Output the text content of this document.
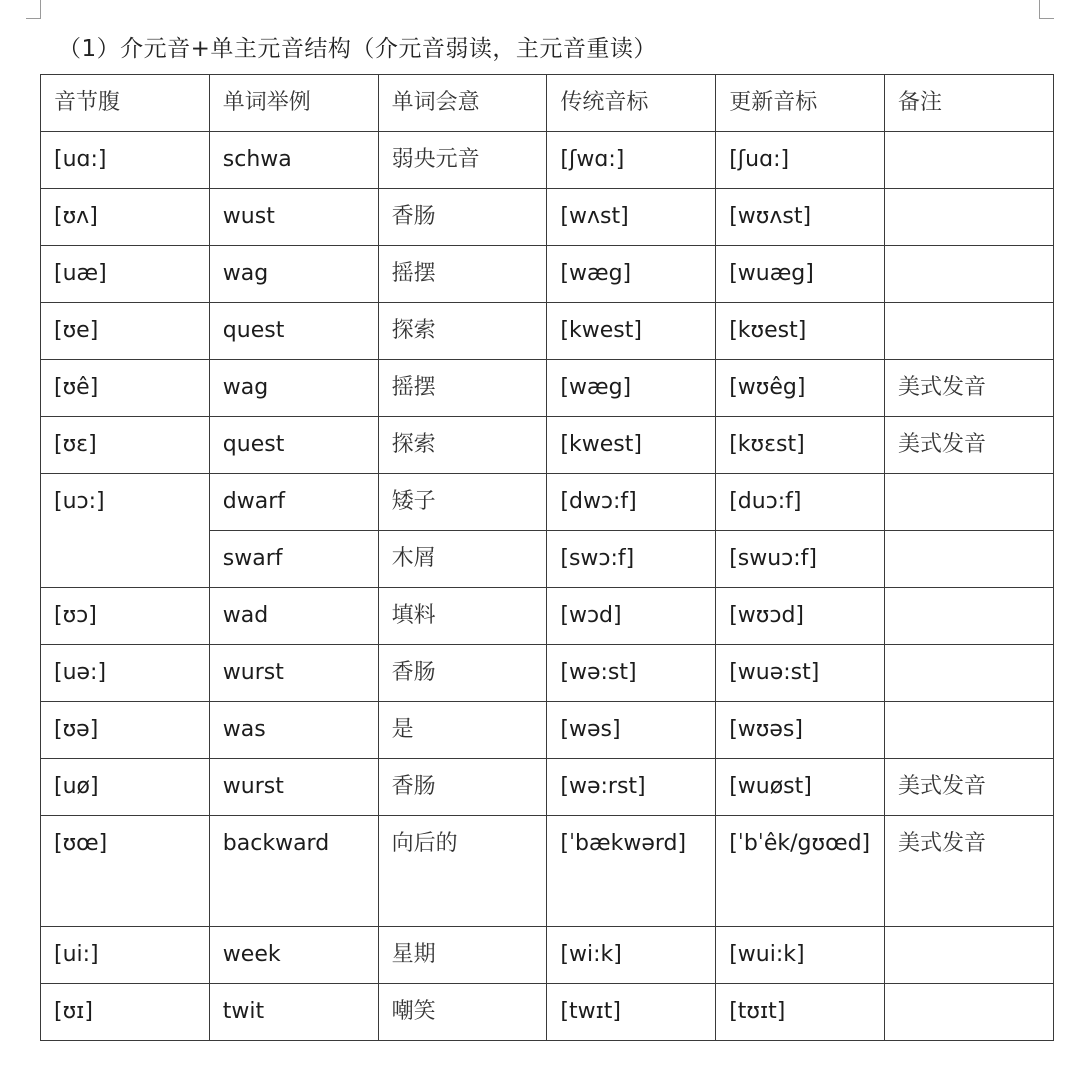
（1）介元音+单主元音结构（介元音弱读，主元音重读）
音节腹	单词举例	单词会意	传统音标	更新音标	备注
[uɑ:]	schwa	弱央元音	[ʃwɑ:]	[ʃuɑ:]	
[ʊʌ]	wust	香肠	[wʌst]	[wʊʌst]	
[uæ]	wag	摇摆	[wæg]	[wuæg]	
[ʊe]	quest	探索	[kwest]	[kʊest]	
[ʊê]	wag	摇摆	[wæg]	[wʊêg]	美式发音
[ʊɛ]	quest	探索	[kwest]	[kʊɛst]	美式发音
[uɔ:]	dwarf	矮子	[dwɔ:f]	[duɔ:f]	
	swarf	木屑	[swɔ:f]	[swuɔ:f]	
[ʊɔ]	wad	填料	[wɔd]	[wʊɔd]	
[uə:]	wurst	香肠	[wə:st]	[wuə:st]	
[ʊə]	was	是	[wəs]	[wʊəs]	
[uø]	wurst	香肠	[wə:rst]	[wuøst]	美式发音
[ʊœ]	backward	向后的	[ˈbækwərd]	[ˈbˈêk/gʊœd]	美式发音
[ui:]	week	星期	[wi:k]	[wui:k]	
[ʊɪ]	twit	嘲笑	[twɪt]	[tʊɪt]	
